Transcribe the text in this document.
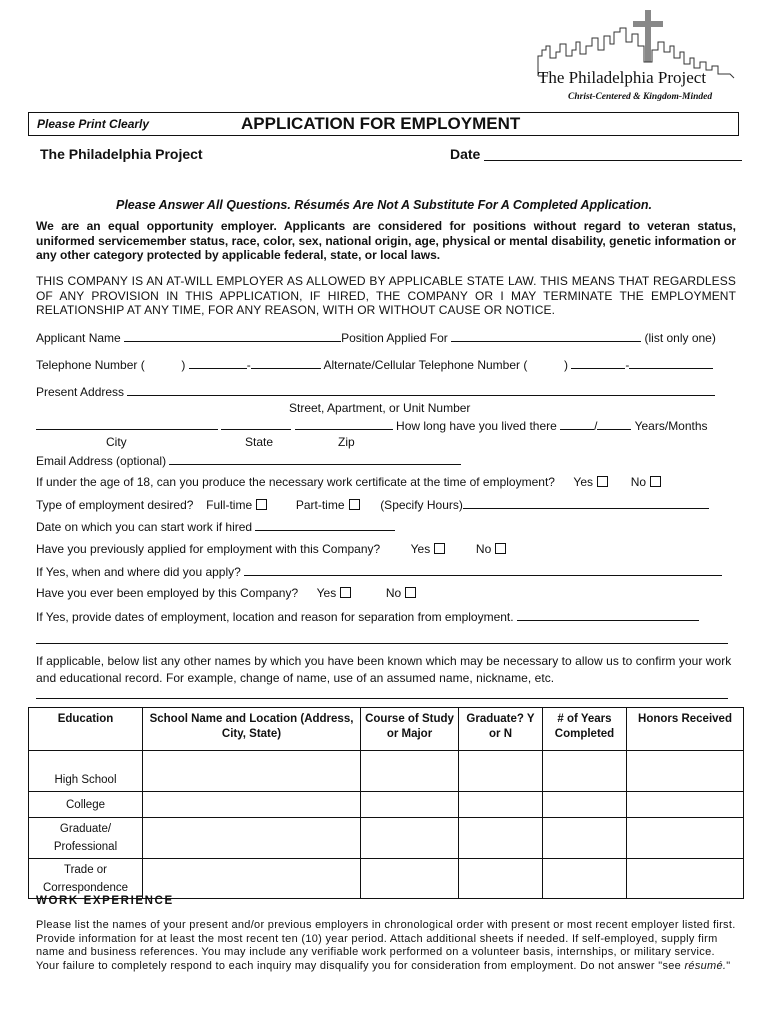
The Philadelphia Project
Christ-Centered & Kingdom-Minded
Please Print Clearly	APPLICATION FOR EMPLOYMENT
The Philadelphia Project	Date
Please Answer All Questions. Résumés Are Not A Substitute For A Completed Application.
We are an equal opportunity employer. Applicants are considered for positions without regard to veteran status, uniformed servicemember status, race, color, sex, national origin, age, physical or mental disability, genetic information or any other category protected by applicable federal, state, or local laws.
THIS COMPANY IS AN AT-WILL EMPLOYER AS ALLOWED BY APPLICABLE STATE LAW. THIS MEANS THAT REGARDLESS OF ANY PROVISION IN THIS APPLICATION, IF HIRED, THE COMPANY OR I MAY TERMINATE THE EMPLOYMENT RELATIONSHIP AT ANY TIME, FOR ANY REASON, WITH OR WITHOUT CAUSE OR NOTICE.
Applicant Name	Position Applied For	(list only one)
Telephone Number (	)	-	Alternate/Cellular Telephone Number (	)	-
Present Address
Street, Apartment, or Unit Number
How long have you lived there	/	Years/Months
City	State	Zip
Email Address (optional)
If under the age of 18, can you produce the necessary work certificate at the time of employment? Yes	No
Type of employment desired? Full-time	Part-time	(Specify Hours)
Date on which you can start work if hired
Have you previously applied for employment with this Company?	Yes	No
If Yes, when and where did you apply?
Have you ever been employed by this Company? Yes	No
If Yes, provide dates of employment, location and reason for separation from employment.
If applicable, below list any other names by which you have been known which may be necessary to allow us to confirm your work and educational record. For example, change of name, use of an assumed name, nickname, etc.
Education	School Name and Location (Address, City, State)	Course of Study or Major	Graduate? Y or N	# of Years Completed	Honors Received
High School					
College					
Graduate/ Professional					
Trade or Correspondence					
WORK EXPERIENCE
Please list the names of your present and/or previous employers in chronological order with present or most recent employer listed first. Provide information for at least the most recent ten (10) year period. Attach additional sheets if needed. If self-employed, supply firm name and business references. You may include any verifiable work performed on a volunteer basis, internships, or military service. Your failure to completely respond to each inquiry may disqualify you for consideration from employment. Do not answer "see résumé."
